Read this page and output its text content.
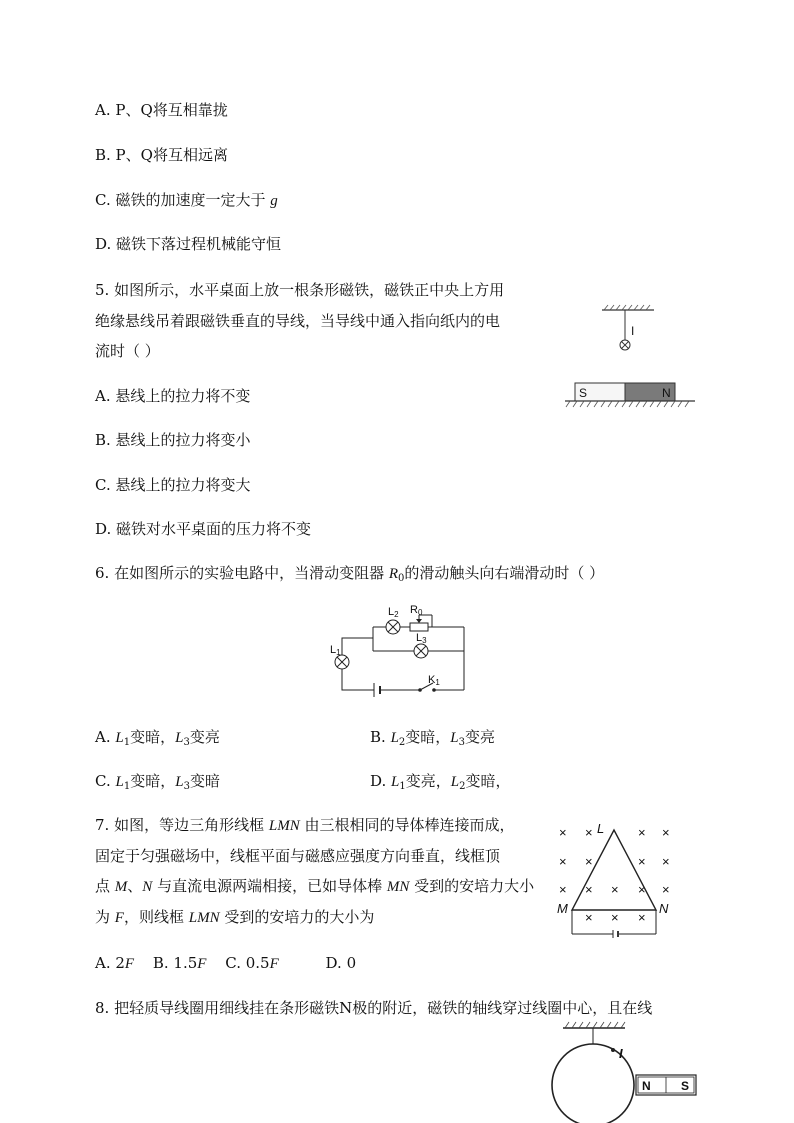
A. P、Q将互相靠拢
B. P、Q将互相远离
C. 磁铁的加速度一定大于 g
D. 磁铁下落过程机械能守恒
5. 如图所示，水平桌面上放一根条形磁铁，磁铁正中央上方用
绝缘悬线吊着跟磁铁垂直的导线，当导线中通入指向纸内的电
流时（ ）
A. 悬线上的拉力将不变
B. 悬线上的拉力将变小
C. 悬线上的拉力将变大
D. 磁铁对水平桌面的压力将不变
I
S	N
6. 在如图所示的实验电路中，当滑动变阻器 $R_0$的滑动触头向右端滑动时（ ）
L1
L2 R0
L3
K1
A. $L_1$变暗，$L_3$变亮	B. $L_2$变暗，$L_3$变亮
C. $L_1$变暗，$L_3$变暗	D. $L_1$变亮，$L_2$变暗，
7. 如图，等边三角形线框 LMN 由三根相同的导体棒连接而成，
固定于匀强磁场中，线框平面与磁感应强度方向垂直，线框顶
点 M、N 与直流电源两端相接，已如导体棒 MN 受到的安培力大小
为 F，则线框 LMN 受到的安培力的大小为
A. 2F B. 1.5F C. 0.5F	D. 0
× ×	× ×
× ×	× ×
× × × × ×
× × ×
L
M	N
8. 把轻质导线圈用细线挂在条形磁铁N极的附近，磁铁的轴线穿过线圈中心，且在线
I
N	S
